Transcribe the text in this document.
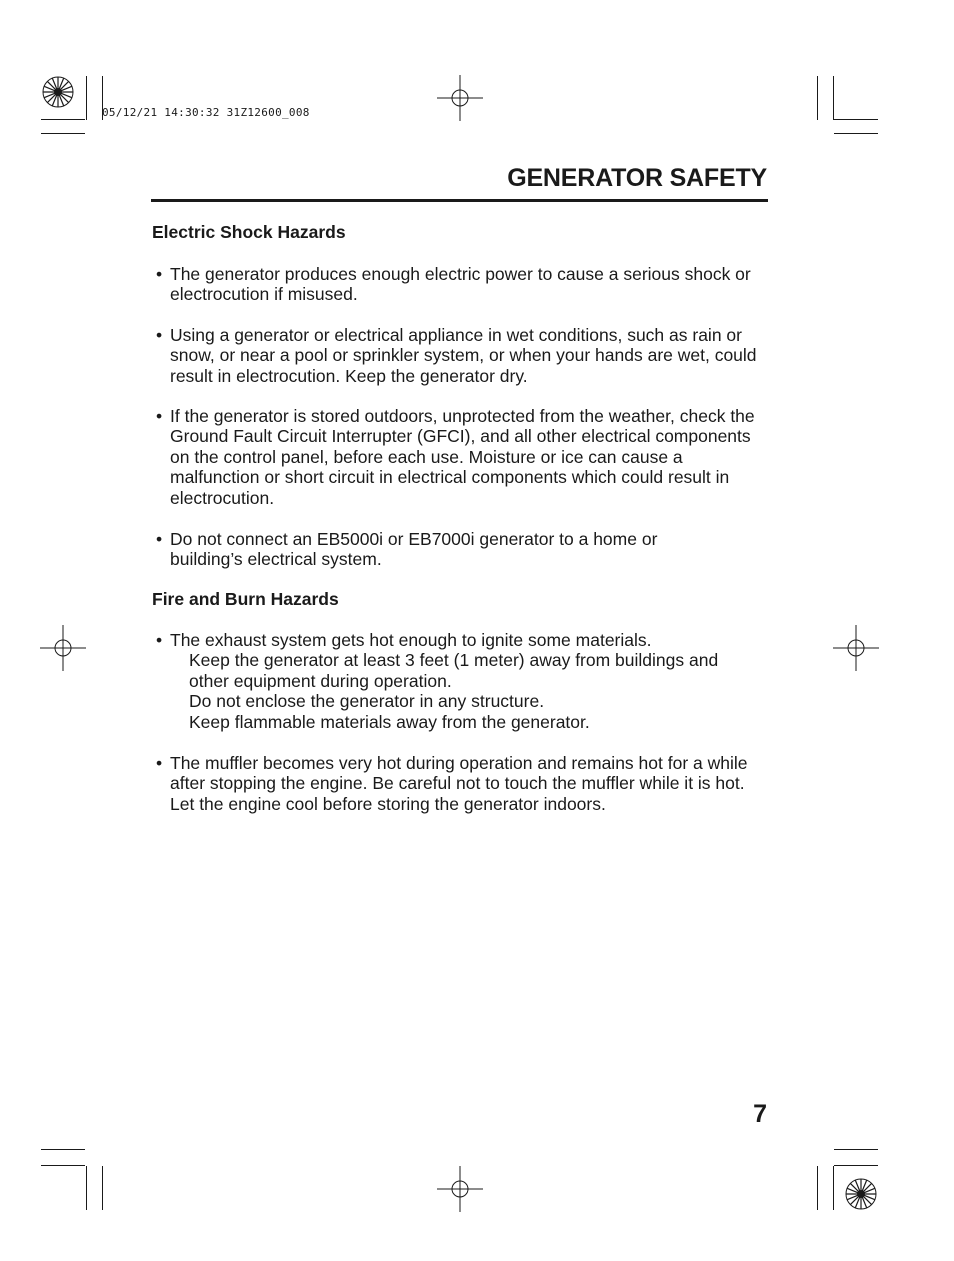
05/12/21 14:30:32 31Z12600_008
GENERATOR SAFETY
Electric Shock Hazards
• The generator produces enough electric power to cause a serious shock or electrocution if misused.
• Using a generator or electrical appliance in wet conditions, such as rain or snow, or near a pool or sprinkler system, or when your hands are wet, could result in electrocution. Keep the generator dry.
• If the generator is stored outdoors, unprotected from the weather, check the Ground Fault Circuit Interrupter (GFCI), and all other electrical components on the control panel, before each use. Moisture or ice can cause a malfunction or short circuit in electrical components which could result in electrocution.
• Do not connect an EB5000i or EB7000i generator to a home or building’s electrical system.
Fire and Burn Hazards
• The exhaust system gets hot enough to ignite some materials.
Keep the generator at least 3 feet (1 meter) away from buildings and other equipment during operation.
Do not enclose the generator in any structure.
Keep flammable materials away from the generator.
• The muffler becomes very hot during operation and remains hot for a while after stopping the engine. Be careful not to touch the muffler while it is hot. Let the engine cool before storing the generator indoors.
7
